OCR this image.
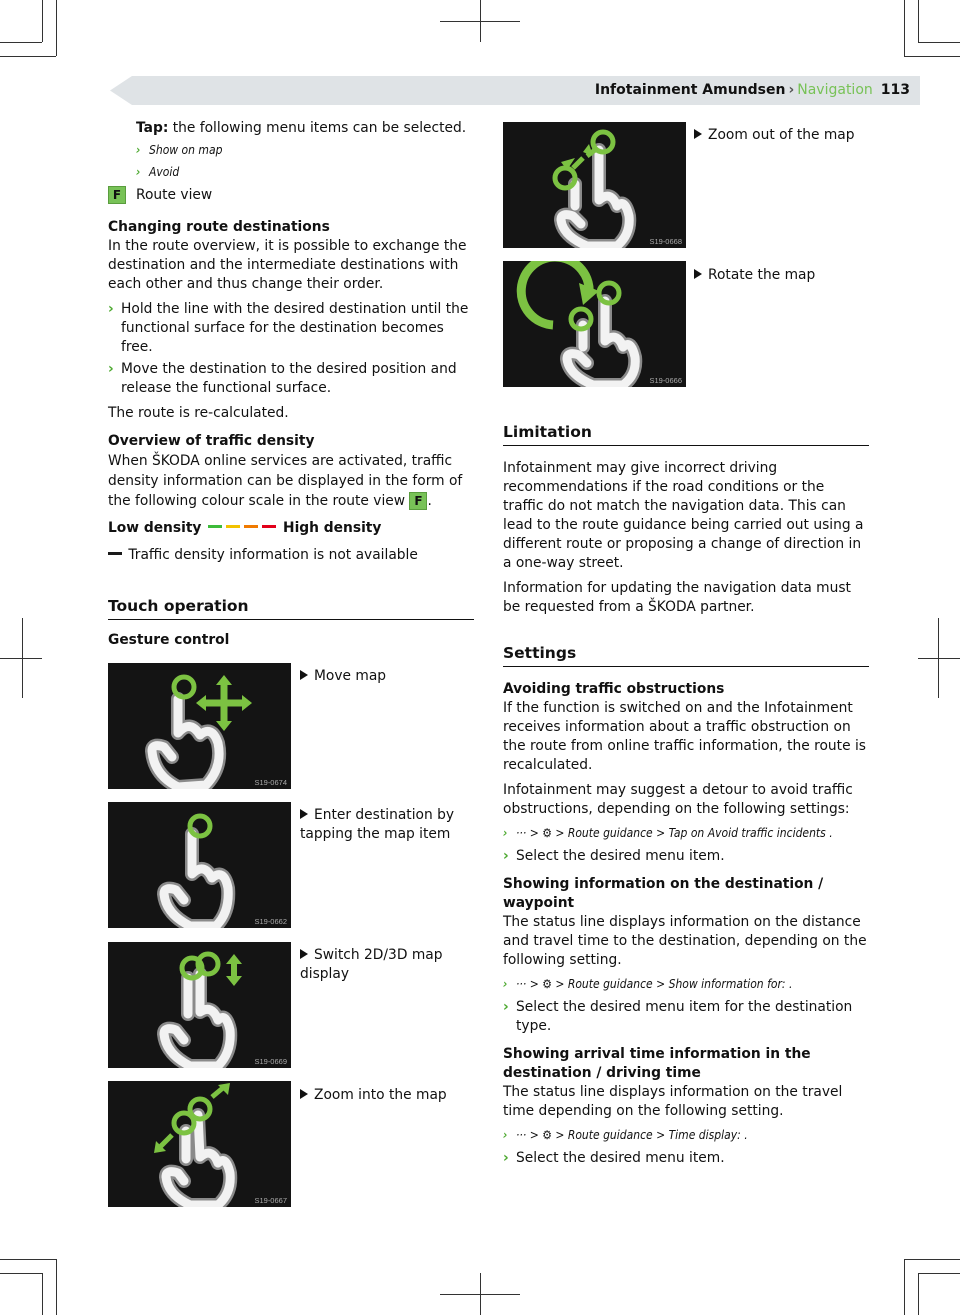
Infotainment Amundsen › Navigation 113
Tap: the following menu items can be selected.
› Show on map
› Avoid
F Route view
Changing route destinations
In the route overview, it is possible to exchange the destination and the intermediate destinations with each other and thus change their order.
› Hold the line with the desired destination until the functional surface for the destination becomes free.
› Move the destination to the desired position and release the functional surface.
The route is re-calculated.
Overview of traffic density
When ŠKODA online services are activated, traffic density information can be displayed in the form of the following colour scale in the route view F .
Low density	High density
Traffic density information is not available
Touch operation
Gesture control
S19-0674
Move map
S19-0662
Enter destination by tapping the map item
S19-0669
Switch 2D/3D map display
S19-0667
Zoom into the map
S19-0668
Zoom out of the map
S19-0666
Rotate the map
Limitation
Infotainment may give incorrect driving recommendations if the road conditions or the traffic do not match the navigation data. This can lead to the route guidance being carried out using a different route or proposing a change of direction in a one-way street.
Information for updating the navigation data must be requested from a ŠKODA partner.
Settings
Avoiding traffic obstructions
If the function is switched on and the Infotainment receives information about a traffic obstruction on the route from online traffic information, the route is recalculated.
Infotainment may suggest a detour to avoid traffic obstructions, depending on the following settings:
› ··· > ⚙ > Route guidance > Tap on Avoid traffic incidents .
› Select the desired menu item.
Showing information on the destination / waypoint
The status line displays information on the distance and travel time to the destination, depending on the following setting.
› ··· > ⚙ > Route guidance > Show information for: .
› Select the desired menu item for the destination type.
Showing arrival time information in the destination / driving time
The status line displays information on the travel time depending on the following setting.
› ··· > ⚙ > Route guidance > Time display: .
› Select the desired menu item.
